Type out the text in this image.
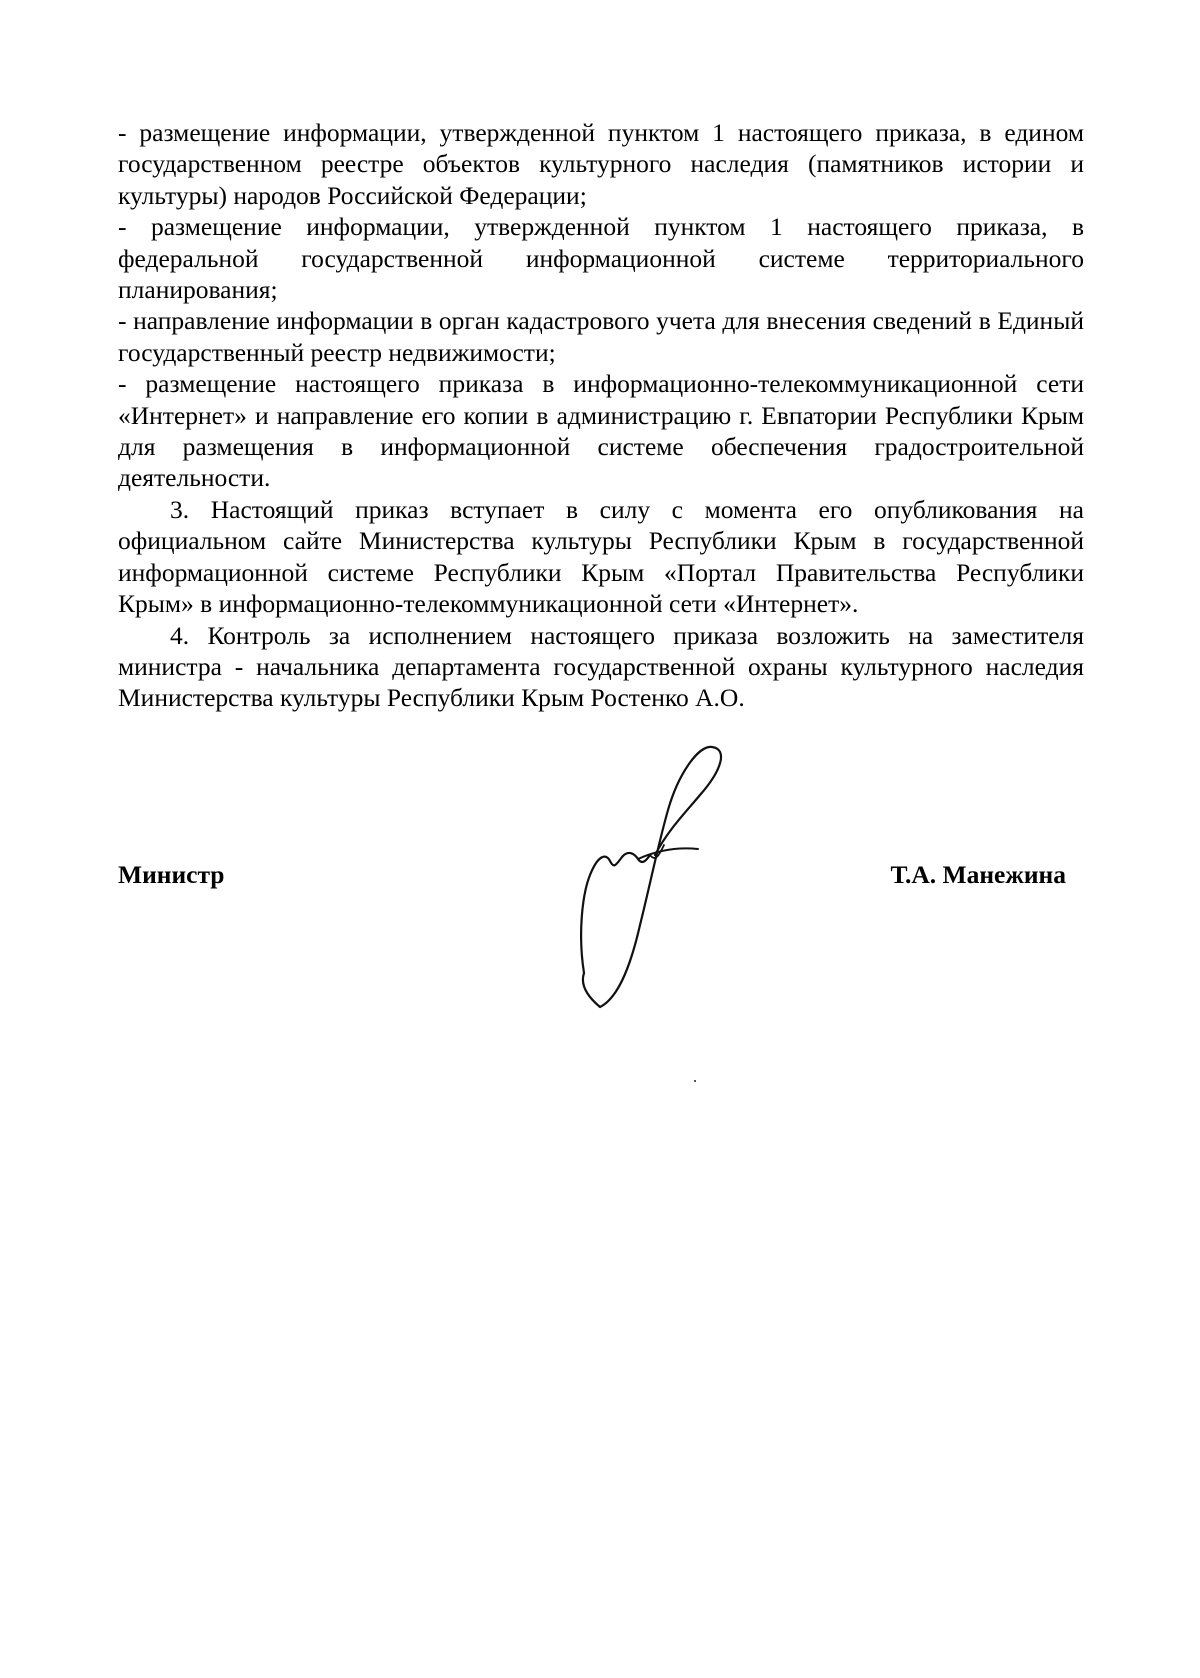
- размещение информации, утвержденной пунктом 1 настоящего приказа, в едином государственном реестре объектов культурного наследия (памятников истории и культуры) народов Российской Федерации;

- размещение информации, утвержденной пунктом 1 настоящего приказа, в федеральной государственной информационной системе территориального планирования;

- направление информации в орган кадастрового учета для внесения сведений в Единый государственный реестр недвижимости;

- размещение настоящего приказа в информационно-телекоммуникационной сети «Интернет» и направление его копии в администрацию г. Евпатории Республики Крым для размещения в информационной системе обеспечения градостроительной деятельности.

3. Настоящий приказ вступает в силу с момента его опубликования на официальном сайте Министерства культуры Республики Крым в государственной информационной системе Республики Крым «Портал Правительства Республики Крым» в информационно-телекоммуникационной сети «Интернет».

4. Контроль за исполнением настоящего приказа возложить на заместителя министра - начальника департамента государственной охраны культурного наследия Министерства культуры Республики Крым Ростенко А.О.

Министр	Т.А. Манежина
